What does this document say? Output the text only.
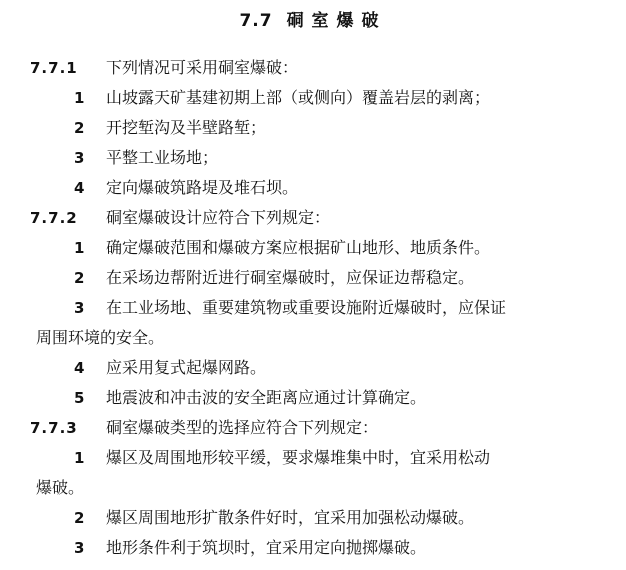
7.7 硐室爆破
7.7.1 下列情况可采用硐室爆破：
1 山坡露天矿基建初期上部（或侧向）覆盖岩层的剥离；
2 开挖堑沟及半壁路堑；
3 平整工业场地；
4 定向爆破筑路堤及堆石坝。
7.7.2 硐室爆破设计应符合下列规定：
1 确定爆破范围和爆破方案应根据矿山地形、地质条件。
2 在采场边帮附近进行硐室爆破时，应保证边帮稳定。
3 在工业场地、重要建筑物或重要设施附近爆破时，应保证
周围环境的安全。
4 应采用复式起爆网路。
5 地震波和冲击波的安全距离应通过计算确定。
7.7.3 硐室爆破类型的选择应符合下列规定：
1 爆区及周围地形较平缓，要求爆堆集中时，宜采用松动
爆破。
2 爆区周围地形扩散条件好时，宜采用加强松动爆破。
3 地形条件利于筑坝时，宜采用定向抛掷爆破。
